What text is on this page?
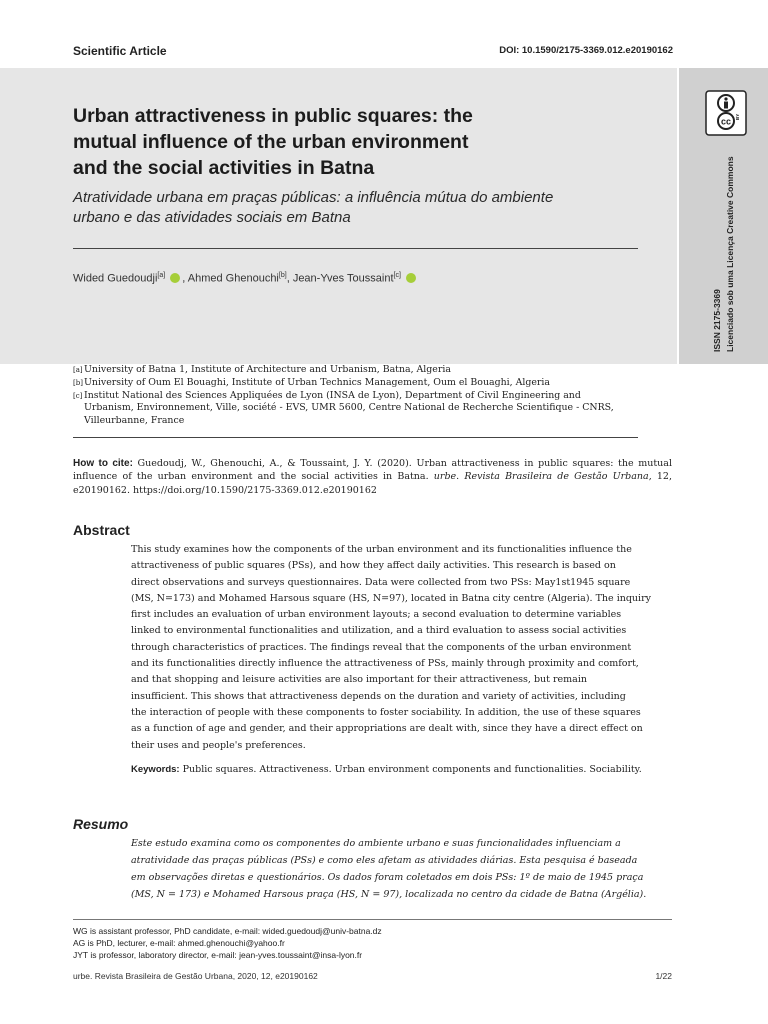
Scientific Article	DOI: 10.1590/2175-3369.012.e20190162
cc BY
ISSN 2175-3369 Licenciado sob uma Licença Creative Commons
Urban attractiveness in public squares: the
mutual influence of the urban environment
and the social activities in Batna
Atratividade urbana em praças públicas: a influência mútua do ambiente
urbano e das atividades sociais em Batna
Wided Guedoudji[a] , Ahmed Ghenouchi[b], Jean-Yves Toussaint[c]
[a] University of Batna 1, Institute of Architecture and Urbanism, Batna, Algeria
[b] University of Oum El Bouaghi, Institute of Urban Technics Management, Oum el Bouaghi, Algeria
[c] Institut National des Sciences Appliquées de Lyon (INSA de Lyon), Department of Civil Engineering and
Urbanism, Environnement, Ville, société - EVS, UMR 5600, Centre National de Recherche Scientifique - CNRS,
Villeurbanne, France
How to cite: Guedoudj, W., Ghenouchi, A., & Toussaint, J. Y. (2020). Urban attractiveness in public squares: the mutual influence of the urban environment and the social activities in Batna. urbe. Revista Brasileira de Gestão Urbana, 12, e20190162. https://doi.org/10.1590/2175-3369.012.e20190162
Abstract
This study examines how the components of the urban environment and its functionalities influence the
attractiveness of public squares (PSs), and how they affect daily activities. This research is based on
direct observations and surveys questionnaires. Data were collected from two PSs: May1st1945 square
(MS, N=173) and Mohamed Harsous square (HS, N=97), located in Batna city centre (Algeria). The inquiry
first includes an evaluation of urban environment layouts; a second evaluation to determine variables
linked to environmental functionalities and utilization, and a third evaluation to assess social activities
through characteristics of practices. The findings reveal that the components of the urban environment
and its functionalities directly influence the attractiveness of PSs, mainly through proximity and comfort,
and that shopping and leisure activities are also important for their attractiveness, but remain
insufficient. This shows that attractiveness depends on the duration and variety of activities, including
the interaction of people with these components to foster sociability. In addition, the use of these squares
as a function of age and gender, and their appropriations are dealt with, since they have a direct effect on
their uses and people's preferences.
Keywords: Public squares. Attractiveness. Urban environment components and functionalities. Sociability.
Resumo
Este estudo examina como os componentes do ambiente urbano e suas funcionalidades influenciam a
atratividade das praças públicas (PSs) e como eles afetam as atividades diárias. Esta pesquisa é baseada
em observações diretas e questionários. Os dados foram coletados em dois PSs: 1º de maio de 1945 praça
(MS, N = 173) e Mohamed Harsous praça (HS, N = 97), localizada no centro da cidade de Batna (Argélia).
WG is assistant professor, PhD candidate, e-mail: wided.guedoudj@univ-batna.dz
AG is PhD, lecturer, e-mail: ahmed.ghenouchi@yahoo.fr
JYT is professor, laboratory director, e-mail: jean-yves.toussaint@insa-lyon.fr
urbe. Revista Brasileira de Gestão Urbana, 2020, 12, e20190162	1/22
